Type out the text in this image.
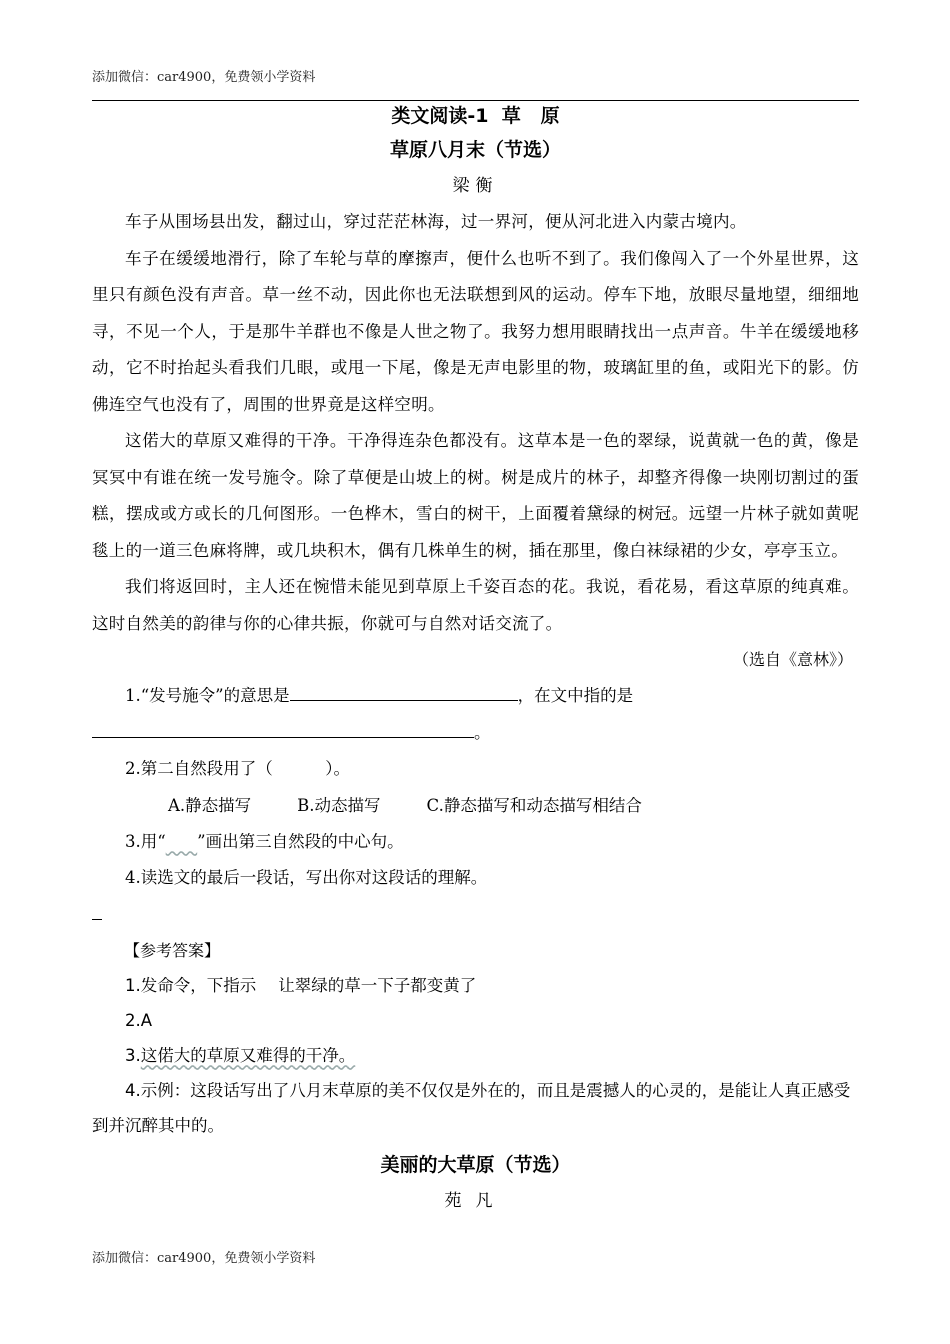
添加微信：car4900，免费领小学资料
类文阅读-1  草   原
草原八月末（节选）
梁衡

车子从围场县出发，翻过山，穿过茫茫林海，过一界河，便从河北进入内蒙古境内。

车子在缓缓地滑行，除了车轮与草的摩擦声，便什么也听不到了。我们像闯入了一个外星世界，这里只有颜色没有声音。草一丝不动，因此你也无法联想到风的运动。停车下地，放眼尽量地望，细细地寻，不见一个人，于是那牛羊群也不像是人世之物了。我努力想用眼睛找出一点声音。牛羊在缓缓地移动，它不时抬起头看我们几眼，或甩一下尾，像是无声电影里的物，玻璃缸里的鱼，或阳光下的影。仿佛连空气也没有了，周围的世界竟是这样空明。

这偌大的草原又难得的干净。干净得连杂色都没有。这草本是一色的翠绿，说黄就一色的黄，像是冥冥中有谁在统一发号施令。除了草便是山坡上的树。树是成片的林子，却整齐得像一块刚切割过的蛋糕，摆成或方或长的几何图形。一色桦木，雪白的树干，上面覆着黛绿的树冠。远望一片林子就如黄呢毯上的一道三色麻将牌，或几块积木，偶有几株单生的树，插在那里，像白袜绿裙的少女，亭亭玉立。

我们将返回时，主人还在惋惜未能见到草原上千姿百态的花。我说，看花易，看这草原的纯真难。这时自然美的韵律与你的心律共振，你就可与自然对话交流了。

（选自《意林》）

1.“发号施令”的意思是	，在文中指的是

。

2.第二自然段用了（          ）。

A.静态描写	B.动态描写	C.静态描写和动态描写相结合

3.用“ ”画出第三自然段的中心句。

4.读选文的最后一段话，写出你对这段话的理解。

【参考答案】

1.发命令，下指示 让翠绿的草一下子都变黄了

2.A

3.这偌大的草原又难得的干净。

4.示例：这段话写出了八月末草原的美不仅仅是外在的，而且是震撼人的心灵的，是能让人真正感受到并沉醉其中的。

美丽的大草原（节选）
苑凡
添加微信：car4900，免费领小学资料
